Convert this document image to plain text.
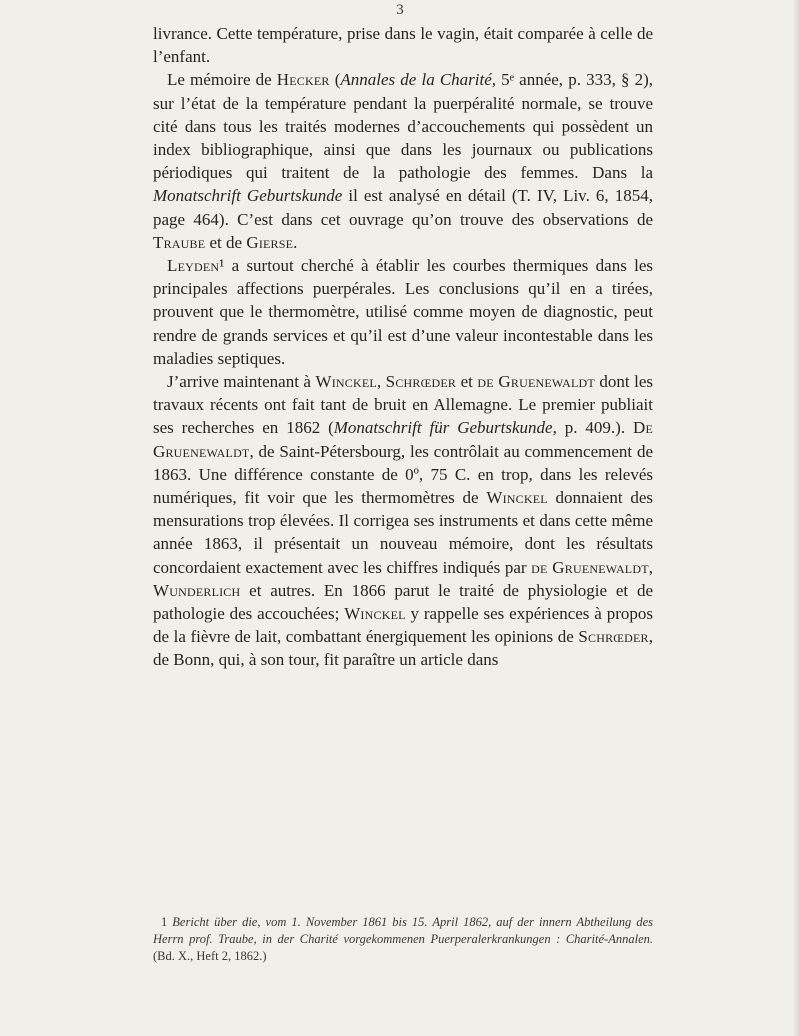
3

livrance. Cette température, prise dans le vagin, était comparée à celle de l’enfant.

Le mémoire de Hecker (Annales de la Charité, 5ᵉ année, p. 333, § 2), sur l’état de la température pendant la puerpéralité normale, se trouve cité dans tous les traités modernes d’accouchements qui possèdent un index bibliographique, ainsi que dans les journaux ou publications périodiques qui traitent de la pathologie des femmes. Dans la Monatschrift Geburtskunde il est analysé en détail (T. IV, Liv. 6, 1854, page 464). C’est dans cet ouvrage qu’on trouve des observations de Traube et de Gierse.

Leyden¹ a surtout cherché à établir les courbes thermiques dans les principales affections puerpérales. Les conclusions qu’il en a tirées, prouvent que le thermomètre, utilisé comme moyen de diagnostic, peut rendre de grands services et qu’il est d’une valeur incontestable dans les maladies septiques.

J’arrive maintenant à Winckel, Schrœder et de Gruenewaldt dont les travaux récents ont fait tant de bruit en Allemagne. Le premier publiait ses recherches en 1862 (Monatschrift für Geburtskunde, p. 409.). De Gruenewaldt, de Saint-Pétersbourg, les contrôlait au commencement de 1863. Une différence constante de 0º, 75 C. en trop, dans les relevés numériques, fit voir que les thermomètres de Winckel donnaient des mensurations trop élevées. Il corrigea ses instruments et dans cette même année 1863, il présentait un nouveau mémoire, dont les résultats concordaient exactement avec les chiffres indiqués par de Gruenewaldt, Wunderlich et autres. En 1866 parut le traité de physiologie et de pathologie des accouchées; Winckel y rappelle ses expériences à propos de la fièvre de lait, combattant énergiquement les opinions de Schrœder, de Bonn, qui, à son tour, fit paraître un article dans

1 Bericht über die, vom 1. November 1861 bis 15. April 1862, auf der innern Abtheilung des Herrn prof. Traube, in der Charité vorgekommenen Puerperalerkrankungen : Charité-Annalen. (Bd. X., Heft 2, 1862.)
